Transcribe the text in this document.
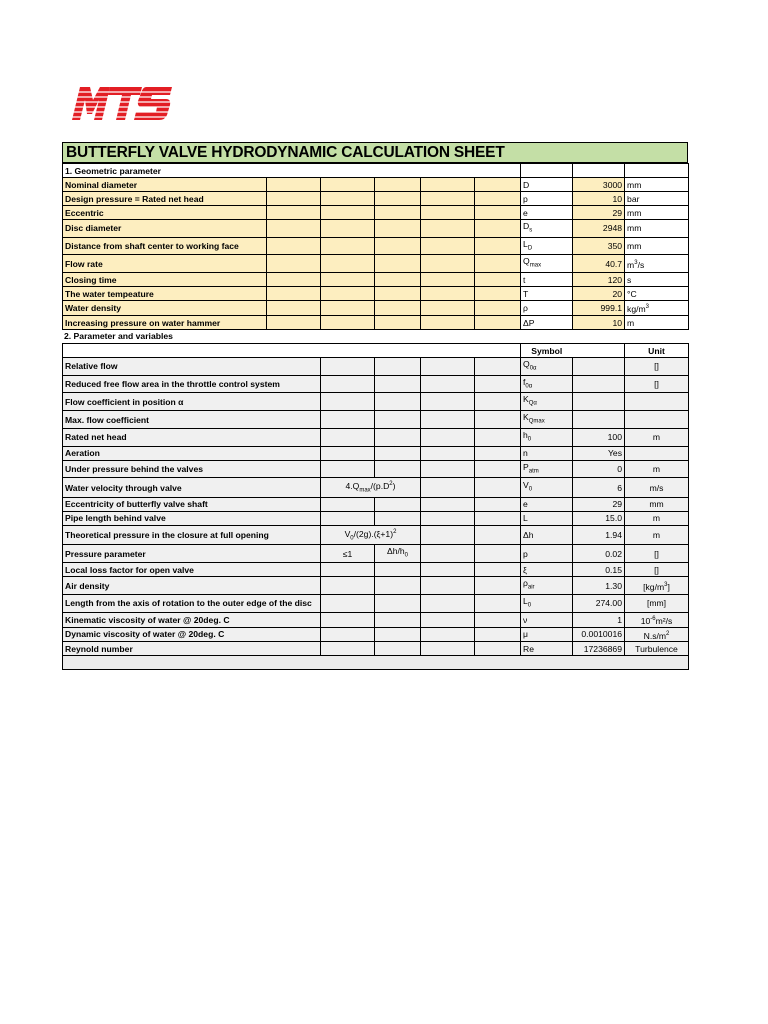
BUTTERFLY VALVE HYDRODYNAMIC CALCULATION SHEET
1. Geometric parameter								
Nominal diameter						D	3000	mm
Design pressure = Rated net head						p	10	bar
Eccentric						e	29	mm
Disc diameter						$D_s$	2948	mm
Distance from shaft center to working face						$L_D$	350	mm
Flow rate						$Q_{max}$	40.7	$m^3/s$
Closing time						t	120	s
The water tempeature						T	20	°C
Water density						ρ	999.1	$kg/m^3$
Increasing pressure on water hammer						ΔP	10	m
2. Parameter and variables
					Symbol		Unit
Relative flow					$Q_{0\alpha}$		[]
Reduced free flow area in the throttle control system					$f_{0\alpha}$		[]
Flow coefficient in position α					$K_{Q\alpha}$		
Max. flow coefficient					$K_{Qmax}$		
Rated net head					$h_0$	100	m
Aeration					n	Yes	
Under pressure behind the valves					$P_{atm}$	0	m
Water velocity through valve	$4.Q_{max}/(p.D^2)$				$V_0$	6	m/s
Eccentricity of butterfly valve shaft					e	29	mm
Pipe length behind valve					L	15.0	m
Theoretical pressure in the closure at full opening	$V_0/(2g).(\xi+1)^2$				Δh	1.94	m
Pressure parameter	≤1	$\Delta h/h_0$			p	0.02	[]
Local loss factor for open valve					ξ	0.15	[]
Air density					$\rho_{air}$	1.30	$[kg/m^3]$
Length from the axis of rotation to the outer edge of the disc					$L_0$	274.00	[mm]
Kinematic viscosity of water @ 20deg. C					ν	1	$10^{-6}m^2/s$
Dynamic viscosity of water @ 20deg. C					μ	0.0010016	$N.s/m^2$
Reynold number					Re	17236869	Turbulence
